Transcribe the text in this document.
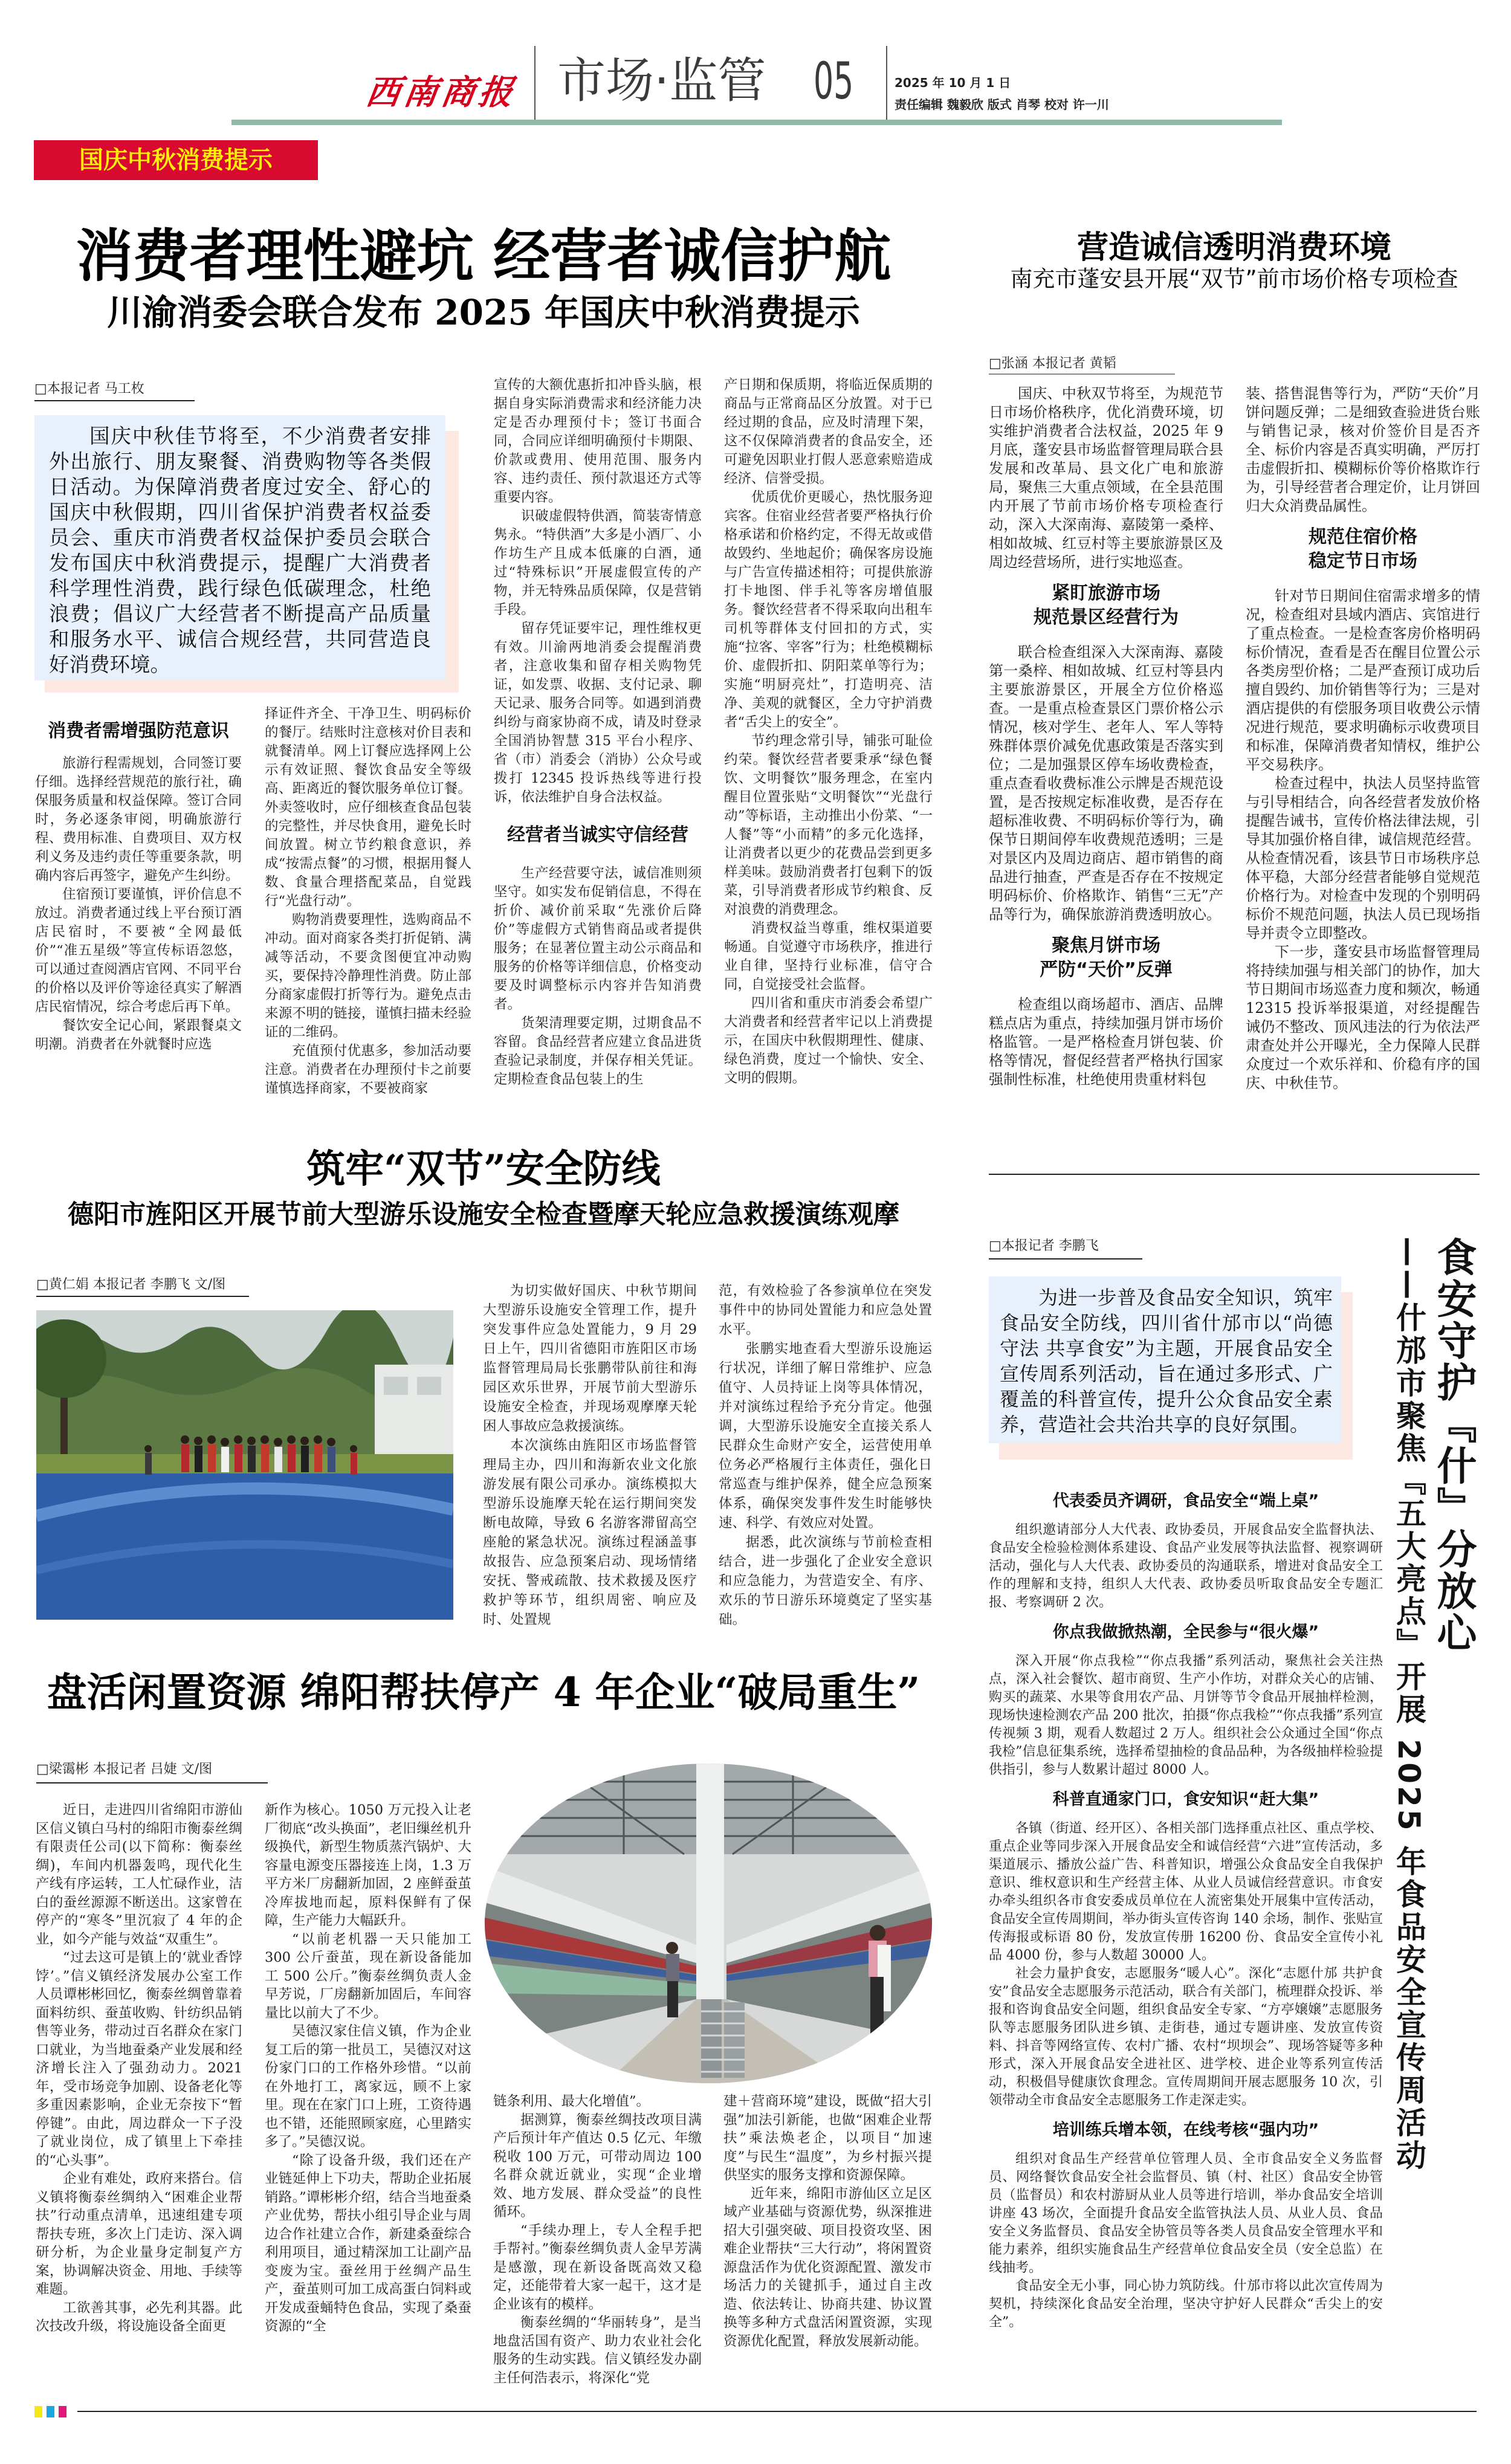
西南商报 市场·监管 05	2025 年 10 月 1 日
责任编辑 魏毅欣 版式 肖琴 校对 许一川
国庆中秋消费提示
消费者理性避坑 经营者诚信护航
川渝消委会联合发布 2025 年国庆中秋消费提示
□本报记者 马工枚

国庆中秋佳节将至，不少消费者安排外出旅行、朋友聚餐、消费购物等各类假日活动。为保障消费者度过安全、舒心的国庆中秋假期，四川省保护消费者权益委员会、重庆市消费者权益保护委员会联合发布国庆中秋消费提示，提醒广大消费者科学理性消费，践行绿色低碳理念，杜绝浪费；倡议广大经营者不断提高产品质量和服务水平、诚信合规经营，共同营造良好消费环境。

消费者需增强防范意识

旅游行程需规划，合同签订要仔细。选择经营规范的旅行社，确保服务质量和权益保障。签订合同时，务必逐条审阅，明确旅游行程、费用标准、自费项目、双方权利义务及违约责任等重要条款，明确内容后再签字，避免产生纠纷。

住宿预订要谨慎，评价信息不放过。消费者通过线上平台预订酒店民宿时，不要被“全网最低价”“准五星级”等宣传标语忽悠，可以通过查阅酒店官网、不同平台的价格以及评价等途径真实了解酒店民宿情况，综合考虑后再下单。

餐饮安全记心间，紧跟餐桌文明潮。消费者在外就餐时应选

择证件齐全、干净卫生、明码标价的餐厅。结账时注意核对价目表和就餐清单。网上订餐应选择网上公示有效证照、餐饮食品安全等级高、距离近的餐饮服务单位订餐。外卖签收时，应仔细核查食品包装的完整性，并尽快食用，避免长时间放置。树立节约粮食意识，养成“按需点餐”的习惯，根据用餐人数、食量合理搭配菜品，自觉践行“光盘行动”。

购物消费要理性，选购商品不冲动。面对商家各类打折促销、满减等活动，不要贪图便宜冲动购买，要保持冷静理性消费。防止部分商家虚假打折等行为。避免点击来源不明的链接，谨慎扫描未经验证的二维码。

充值预付优惠多，参加活动要注意。消费者在办理预付卡之前要谨慎选择商家，不要被商家

宣传的大额优惠折扣冲昏头脑，根据自身实际消费需求和经济能力决定是否办理预付卡；签订书面合同，合同应详细明确预付卡期限、价款或费用、使用范围、服务内容、违约责任、预付款退还方式等重要内容。

识破虚假特供酒，简装寄情意隽永。“特供酒”大多是小酒厂、小作坊生产且成本低廉的白酒，通过“特殊标识”开展虚假宣传的产物，并无特殊品质保障，仅是营销手段。

留存凭证要牢记，理性维权更有效。川渝两地消委会提醒消费者，注意收集和留存相关购物凭证，如发票、收据、支付记录、聊天记录、服务合同等。如遇到消费纠纷与商家协商不成，请及时登录全国消协智慧 315 平台小程序、省（市）消委会（消协）公众号或拨打 12345 投诉热线等进行投诉，依法维护自身合法权益。

经营者当诚实守信经营

生产经营要守法，诚信准则须坚守。如实发布促销信息，不得在折价、减价前采取“先涨价后降价”等虚假方式销售商品或者提供服务；在显著位置主动公示商品和服务的价格等详细信息，价格变动要及时调整标示内容并告知消费者。

货架清理要定期，过期食品不容留。食品经营者应建立食品进货查验记录制度，并保存相关凭证。定期检查食品包装上的生

产日期和保质期，将临近保质期的商品与正常商品区分放置。对于已经过期的食品，应及时清理下架，这不仅保障消费者的食品安全，还可避免因职业打假人恶意索赔造成经济、信誉受损。

优质优价更暖心，热忱服务迎宾客。住宿业经营者要严格执行价格承诺和价格约定，不得无故或借故毁约、坐地起价；确保客房设施与广告宣传描述相符；可提供旅游打卡地图、伴手礼等客房增值服务。餐饮经营者不得采取向出租车司机等群体支付回扣的方式，实施“拉客、宰客”行为；杜绝模糊标价、虚假折扣、阴阳菜单等行为；实施“明厨亮灶”，打造明亮、洁净、美观的就餐区，全力守护消费者“舌尖上的安全”。

节约理念常引导，铺张可耻俭约荣。餐饮经营者要秉承“绿色餐饮、文明餐饮”服务理念，在室内醒目位置张贴“文明餐饮”“光盘行动”等标语，主动推出小份菜、“一人餐”等“小而精”的多元化选择，让消费者以更少的花费品尝到更多样美味。鼓励消费者打包剩下的饭菜，引导消费者形成节约粮食、反对浪费的消费理念。

消费权益当尊重，维权渠道要畅通。自觉遵守市场秩序，推进行业自律，坚持行业标准，信守合同，自觉接受社会监督。

四川省和重庆市消委会希望广大消费者和经营者牢记以上消费提示，在国庆中秋假期理性、健康、绿色消费，度过一个愉快、安全、文明的假期。

营造诚信透明消费环境
南充市蓬安县开展“双节”前市场价格专项检查
□张涵 本报记者 黄韬

国庆、中秋双节将至，为规范节日市场价格秩序，优化消费环境，切实维护消费者合法权益，2025 年 9 月底，蓬安县市场监督管理局联合县发展和改革局、县文化广电和旅游局，聚焦三大重点领域，在全县范围内开展了节前市场价格专项检查行动，深入大深南海、嘉陵第一桑梓、相如故城、红豆村等主要旅游景区及周边经营场所，进行实地巡查。

紧盯旅游市场
规范景区经营行为

联合检查组深入大深南海、嘉陵第一桑梓、相如故城、红豆村等县内主要旅游景区，开展全方位价格巡查。一是重点检查景区门票价格公示情况，核对学生、老年人、军人等特殊群体票价减免优惠政策是否落实到位；二是加强景区停车场收费检查，重点查看收费标准公示牌是否规范设置，是否按规定标准收费，是否存在超标准收费、不明码标价等行为，确保节日期间停车收费规范透明；三是对景区内及周边商店、超市销售的商品进行抽查，严查是否存在不按规定明码标价、价格欺诈、销售“三无”产品等行为，确保旅游消费透明放心。

聚焦月饼市场
严防“天价”反弹

检查组以商场超市、酒店、品牌糕点店为重点，持续加强月饼市场价格监管。一是严格检查月饼包装、价格等情况，督促经营者严格执行国家强制性标准，杜绝使用贵重材料包

装、搭售混售等行为，严防“天价”月饼问题反弹；二是细致查验进货台账与销售记录，核对价签价目是否齐全、标价内容是否真实明确，严厉打击虚假折扣、模糊标价等价格欺诈行为，引导经营者合理定价，让月饼回归大众消费品属性。

规范住宿价格
稳定节日市场

针对节日期间住宿需求增多的情况，检查组对县域内酒店、宾馆进行了重点检查。一是检查客房价格明码标价情况，查看是否在醒目位置公示各类房型价格；二是严查预订成功后擅自毁约、加价销售等行为；三是对酒店提供的有偿服务项目收费公示情况进行规范，要求明确标示收费项目和标准，保障消费者知情权，维护公平交易秩序。

检查过程中，执法人员坚持监管与引导相结合，向各经营者发放价格提醒告诫书，宣传价格法律法规，引导其加强价格自律，诚信规范经营。从检查情况看，该县节日市场秩序总体平稳，大部分经营者能够自觉规范价格行为。对检查中发现的个别明码标价不规范问题，执法人员已现场指导并责令立即整改。

下一步，蓬安县市场监督管理局将持续加强与相关部门的协作，加大节日期间市场巡查力度和频次，畅通 12315 投诉举报渠道，对经提醒告诫仍不整改、顶风违法的行为依法严肃查处并公开曝光，全力保障人民群众度过一个欢乐祥和、价稳有序的国庆、中秋佳节。

筑牢“双节”安全防线
德阳市旌阳区开展节前大型游乐设施安全检查暨摩天轮应急救援演练观摩
□黄仁娟 本报记者 李鹏飞 文/图	为切实做好国庆、中秋节期间大型游乐设施安全管理工作，提升突发事件应急处置能力，9 月 29 日上午，四川省德阳市旌阳区市场监督管理局局长张鹏带队前往和海园区欢乐世界，开展节前大型游乐设施安全检查，并现场观摩摩天轮困人事故应急救援演练。

本次演练由旌阳区市场监督管理局主办，四川和海新农业文化旅游发展有限公司承办。演练模拟大型游乐设施摩天轮在运行期间突发断电故障，导致 6 名游客滞留高空座舱的紧急状况。演练过程涵盖事故报告、应急预案启动、现场情绪安抚、警戒疏散、技术救援及医疗救护等环节，组织周密、响应及时、处置规

范，有效检验了各参演单位在突发事件中的协同处置能力和应急处置水平。

张鹏实地查看大型游乐设施运行状况，详细了解日常维护、应急值守、人员持证上岗等具体情况，并对演练过程给予充分肯定。他强调，大型游乐设施安全直接关系人民群众生命财产安全，运营使用单位务必严格履行主体责任，强化日常巡查与维护保养，健全应急预案体系，确保突发事件发生时能够快速、科学、有效应对处置。

据悉，此次演练与节前检查相结合，进一步强化了企业安全意识和应急能力，为营造安全、有序、欢乐的节日游乐环境奠定了坚实基础。

盘活闲置资源 绵阳帮扶停产 4 年企业“破局重生”
□梁霭彬 本报记者 吕婕 文/图

近日，走进四川省绵阳市游仙区信义镇白马村的绵阳市衡泰丝绸有限责任公司(以下简称：衡泰丝绸)，车间内机器轰鸣，现代化生产线有序运转，工人忙碌作业，洁白的蚕丝源源不断送出。这家曾在停产的“寒冬”里沉寂了 4 年的企业，如今产能与效益“双重生”。

“过去这可是镇上的‘就业香饽饽’。”信义镇经济发展办公室工作人员谭彬彬回忆，衡泰丝绸曾靠着面料纺织、蚕茧收购、针纺织品销售等业务，带动过百名群众在家门口就业，为当地蚕桑产业发展和经济增长注入了强劲动力。2021 年，受市场竞争加剧、设备老化等多重因素影响，企业无奈按下“暂停键”。由此，周边群众一下子没了就业岗位，成了镇里上下牵挂的“心头事”。

企业有难处，政府来搭台。信义镇将衡泰丝绸纳入“困难企业帮扶”行动重点清单，迅速组建专项帮扶专班，多次上门走访、深入调研分析，为企业量身定制复产方案，协调解决资金、用地、手续等难题。

工欲善其事，必先利其器。此次技改升级，将设施设备全面更

新作为核心。1050 万元投入让老厂彻底“改头换面”，老旧缫丝机升级换代，新型生物质蒸汽锅炉、大容量电源变压器接连上岗，1.3 万平方米厂房翻新加固，2 座鲜蚕茧冷库拔地而起，原料保鲜有了保障，生产能力大幅跃升。

“以前老机器一天只能加工 300 公斤蚕茧，现在新设备能加工 500 公斤。”衡泰丝绸负责人金早芳说，厂房翻新加固后，车间容量比以前大了不少。

吴德汉家住信义镇，作为企业复工后的第一批员工，吴德汉对这份家门口的工作格外珍惜。“以前在外地打工，离家远，顾不上家里。现在在家门口上班，工资待遇也不错，还能照顾家庭，心里踏实多了。”吴德汉说。

“除了设备升级，我们还在产业链延伸上下功夫，帮助企业拓展销路。”谭彬彬介绍，结合当地蚕桑产业优势，帮扶小组引导企业与周边合作社建立合作，新建桑蚕综合利用项目，通过精深加工让副产品变废为宝。蚕丝用于丝绸产品生产，蚕茧则可加工成高蛋白饲料或开发成蚕蛹特色食品，实现了桑蚕资源的“全

链条利用、最大化增值”。

据测算，衡泰丝绸技改项目满产后预计年产值达 0.5 亿元、年缴税收 100 万元，可带动周边 100 名群众就近就业，实现“企业增效、地方发展、群众受益”的良性循环。

“手续办理上，专人全程手把手帮衬。”衡泰丝绸负责人金早芳满是感激，现在新设备既高效又稳定，还能带着大家一起干，这才是企业该有的模样。

衡泰丝绸的“华丽转身”，是当地盘活国有资产、助力农业社会化服务的生动实践。信义镇经发办副主任何浩表示，将深化“党

建＋营商环境”建设，既做“招大引强”加法引新能，也做“困难企业帮扶”乘法焕老企，以项目“加速度”与民生“温度”，为乡村振兴提供坚实的服务支撑和资源保障。

近年来，绵阳市游仙区立足区域产业基础与资源优势，纵深推进招大引强突破、项目投资攻坚、困难企业帮扶“三大行动”，将闲置资源盘活作为优化资源配置、激发市场活力的关键抓手，通过自主改造、依法转让、协商共建、协议置换等多种方式盘活闲置资源，实现资源优化配置，释放发展新动能。

□本报记者 李鹏飞	食安守护『什』分放心
——什邡市聚焦『五大亮点』开展 2025 年食品安全宣传周活动

为进一步普及食品安全知识，筑牢食品安全防线，四川省什邡市以“尚德守法 共享食安”为主题，开展食品安全宣传周系列活动，旨在通过多形式、广覆盖的科普宣传，提升公众食品安全素养，营造社会共治共享的良好氛围。

代表委员齐调研，食品安全“端上桌”

组织邀请部分人大代表、政协委员，开展食品安全监督执法、食品安全检验检测体系建设、食品产业发展等执法监督、视察调研活动，强化与人大代表、政协委员的沟通联系，增进对食品安全工作的理解和支持，组织人大代表、政协委员听取食品安全专题汇报、考察调研 2 次。

你点我做掀热潮，全民参与“很火爆”

深入开展“你点我检”“你点我播”系列活动，聚焦社会关注热点，深入社会餐饮、超市商贸、生产小作坊，对群众关心的店铺、购买的蔬菜、水果等食用农产品、月饼等节令食品开展抽样检测，现场快速检测农产品 200 批次，拍摄“你点我检”“你点我播”系列宣传视频 3 期，观看人数超过 2 万人。组织社会公众通过全国“你点我检”信息征集系统，选择希望抽检的食品品种，为各级抽样检验提供指引，参与人数累计超过 8000 人。

科普直通家门口，食安知识“赶大集”

各镇（街道、经开区）、各相关部门选择重点社区、重点学校、重点企业等同步深入开展食品安全和诚信经营“六进”宣传活动，多渠道展示、播放公益广告、科普知识，增强公众食品安全自我保护意识、维权意识和生产经营主体、从业人员诚信经营意识。市食安办牵头组织各市食安委成员单位在人流密集处开展集中宣传活动，食品安全宣传周期间，举办街头宣传咨询 140 余场，制作、张贴宣传海报或标语 80 份，发放宣传册 16200 份、食品安全宣传小礼品 4000 份，参与人数超 30000 人。

社会力量护食安，志愿服务“暖人心”。深化“志愿什邡 共护食安”食品安全志愿服务示范活动，联合有关部门，梳理群众投诉、举报和咨询食品安全问题，组织食品安全专家、“方亭嬢嬢”志愿服务队等志愿服务团队进乡镇、走街巷，通过专题讲座、发放宣传资料、抖音等网络宣传、农村广播、农村“坝坝会”、现场答疑等多种形式，深入开展食品安全进社区、进学校、进企业等系列宣传活动，积极倡导健康饮食理念。宣传周期间开展志愿服务 10 次，引领带动全市食品安全志愿服务工作走深走实。

培训练兵增本领，在线考核“强内功”

组织对食品生产经营单位管理人员、全市食品安全义务监督员、网络餐饮食品安全社会监督员、镇（村、社区）食品安全协管员（监督员）和农村游厨从业人员等进行培训，举办食品安全培训讲座 43 场次，全面提升食品安全监管执法人员、从业人员、食品安全义务监督员、食品安全协管员等各类人员食品安全管理水平和能力素养，组织实施食品生产经营单位食品安全员（安全总监）在线抽考。

食品安全无小事，同心协力筑防线。什邡市将以此次宣传周为契机，持续深化食品安全治理，坚决守护好人民群众“舌尖上的安全”。
